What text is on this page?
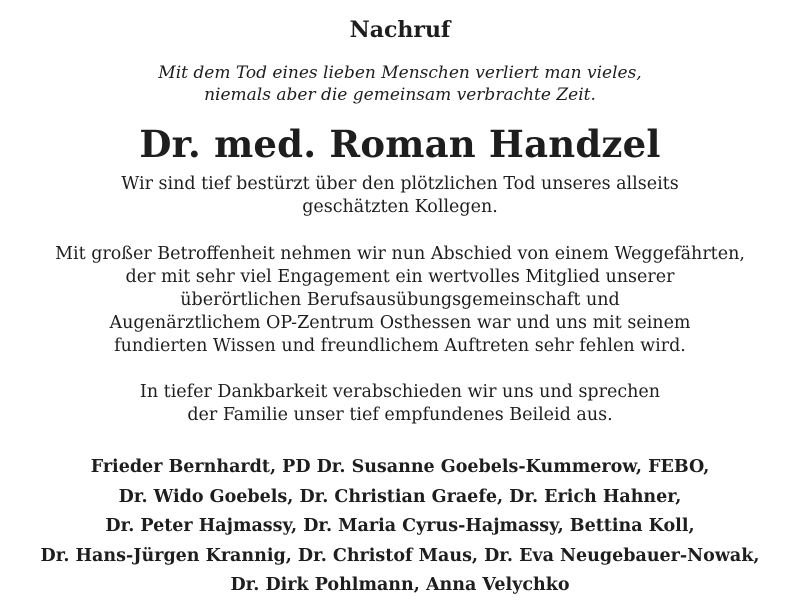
Nachruf
Mit dem Tod eines lieben Menschen verliert man vieles,
niemals aber die gemeinsam verbrachte Zeit.
Dr. med. Roman Handzel
Wir sind tief bestürzt über den plötzlichen Tod unseres allseits
geschätzten Kollegen.
Mit großer Betroffenheit nehmen wir nun Abschied von einem Weggefährten,
der mit sehr viel Engagement ein wertvolles Mitglied unserer
überörtlichen Berufsausübungsgemeinschaft und
Augenärztlichem OP-Zentrum Osthessen war und uns mit seinem
fundierten Wissen und freundlichem Auftreten sehr fehlen wird.
In tiefer Dankbarkeit verabschieden wir uns und sprechen
der Familie unser tief empfundenes Beileid aus.
Frieder Bernhardt, PD Dr. Susanne Goebels-Kummerow, FEBO,
Dr. Wido Goebels, Dr. Christian Graefe, Dr. Erich Hahner,
Dr. Peter Hajmassy, Dr. Maria Cyrus-Hajmassy, Bettina Koll,
Dr. Hans-Jürgen Krannig, Dr. Christof Maus, Dr. Eva Neugebauer-Nowak,
Dr. Dirk Pohlmann, Anna Velychko
